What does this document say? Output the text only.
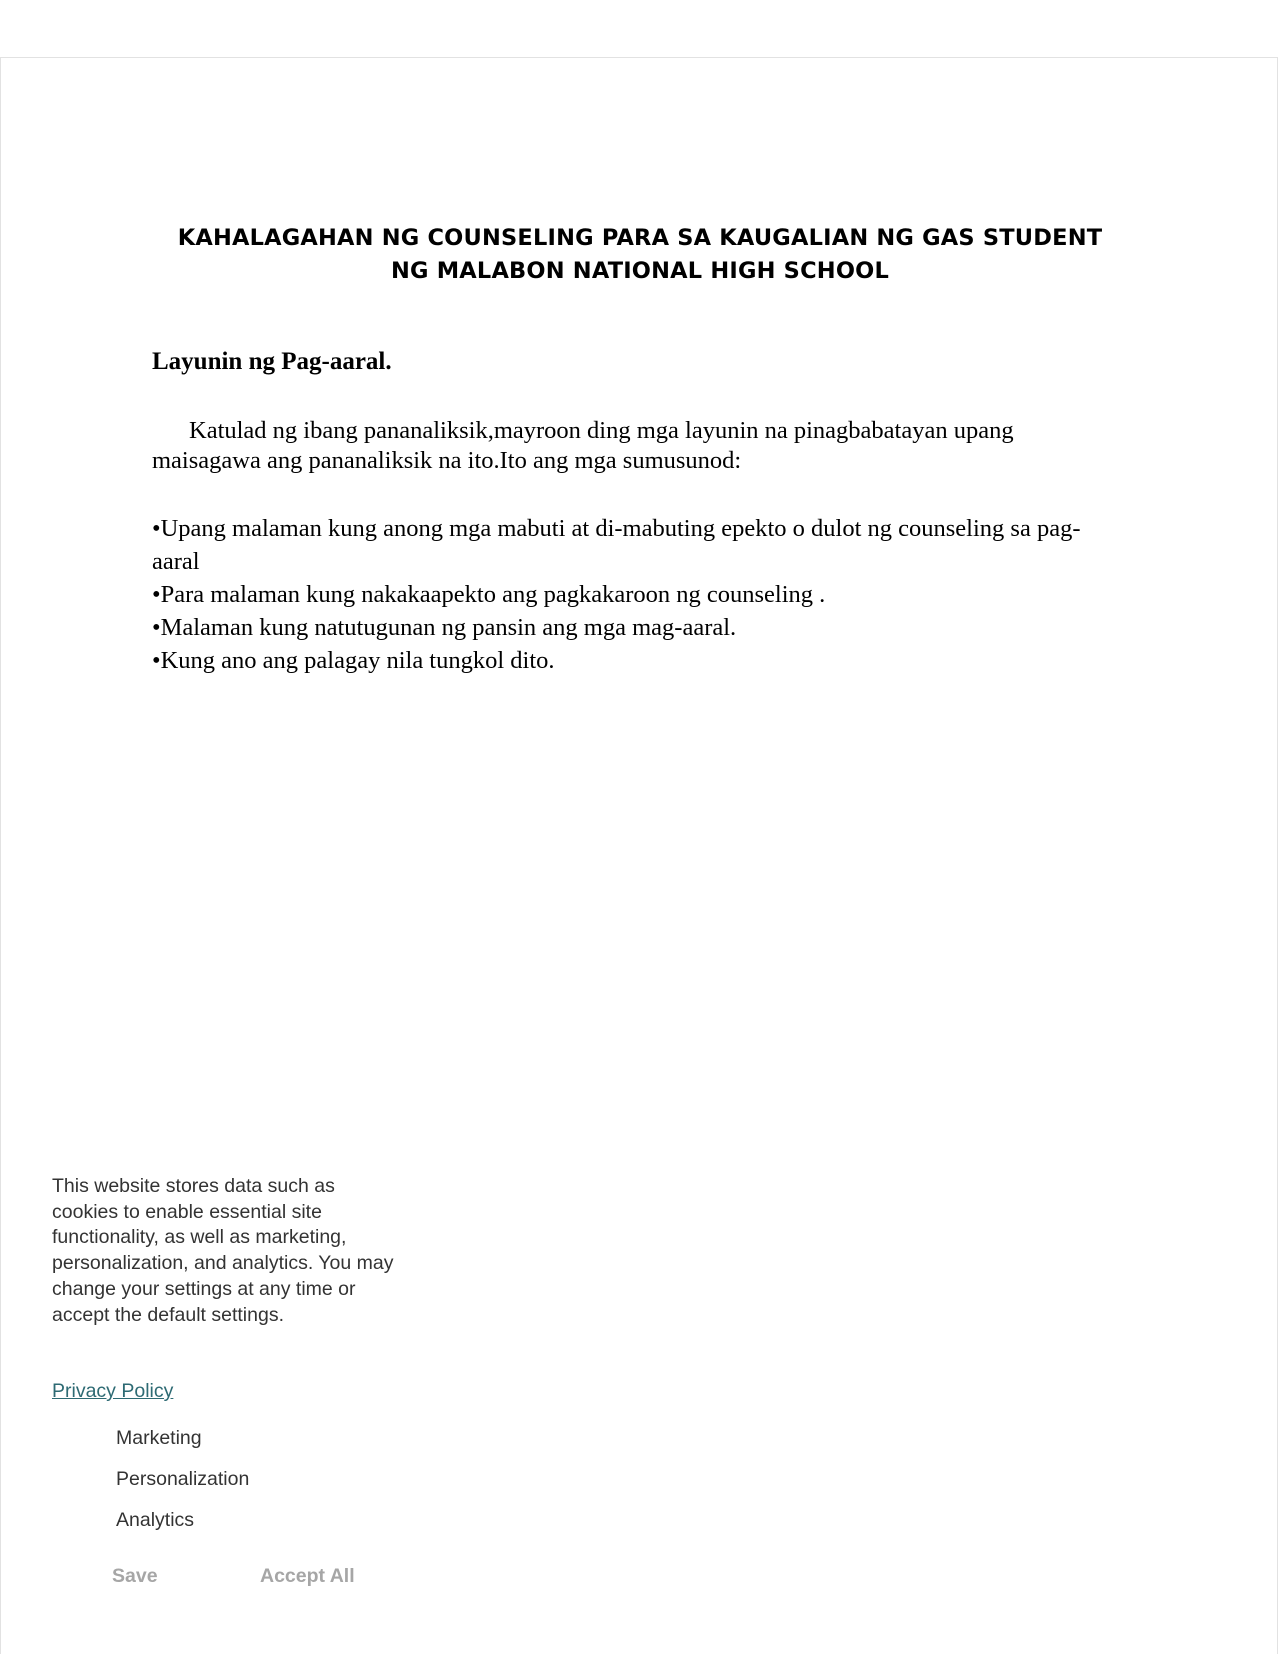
KAHALAGAHAN NG COUNSELING PARA SA KAUGALIAN NG GAS STUDENT
NG MALABON NATIONAL HIGH SCHOOL
Layunin ng Pag-aaral.

Katulad ng ibang pananaliksik,mayroon ding mga layunin na pinagbabatayan upang
maisagawa ang pananaliksik na ito.Ito ang mga sumusunod:

•Upang malaman kung anong mga mabuti at di-mabuting epekto o dulot ng counseling sa pag-
aaral
•Para malaman kung nakakaapekto ang pagkakaroon ng counseling .
•Malaman kung natutugunan ng pansin ang mga mag-aaral.
•Kung ano ang palagay nila tungkol dito.

This website stores data such as cookies to enable essential site functionality, as well as marketing, personalization, and analytics. You may change your settings at any time or accept the default settings.

Privacy Policy
Marketing
Personalization
Analytics
Save	Accept All
